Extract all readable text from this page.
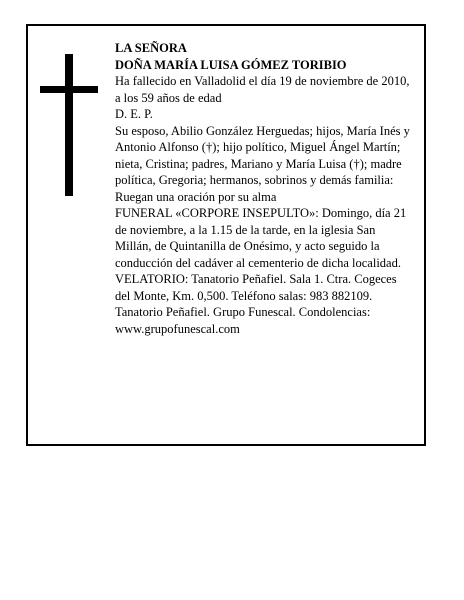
LA SEÑORA

DOÑA MARÍA LUISA GÓMEZ TORIBIO

Ha fallecido en Valladolid el día 19 de noviembre de 2010, a los 59 años de edad

D. E. P.

Su esposo, Abilio González Herguedas; hijos, María Inés y Antonio Alfonso (†); hijo político, Miguel Ángel Martín; nieta, Cristina; padres, Mariano y María Luisa (†); madre política, Gregoria; hermanos, sobrinos y demás familia:

Ruegan una oración por su alma

FUNERAL «CORPORE INSEPULTO»: Domingo, día 21 de noviembre, a la 1.15 de la tarde, en la iglesia San Millán, de Quintanilla de Onésimo, y acto seguido la conducción del cadáver al cementerio de dicha localidad.

VELATORIO: Tanatorio Peñafiel. Sala 1. Ctra. Cogeces del Monte, Km. 0,500. Teléfono salas: 983 882109.

Tanatorio Peñafiel. Grupo Funescal. Condolencias: www.grupofunescal.com
